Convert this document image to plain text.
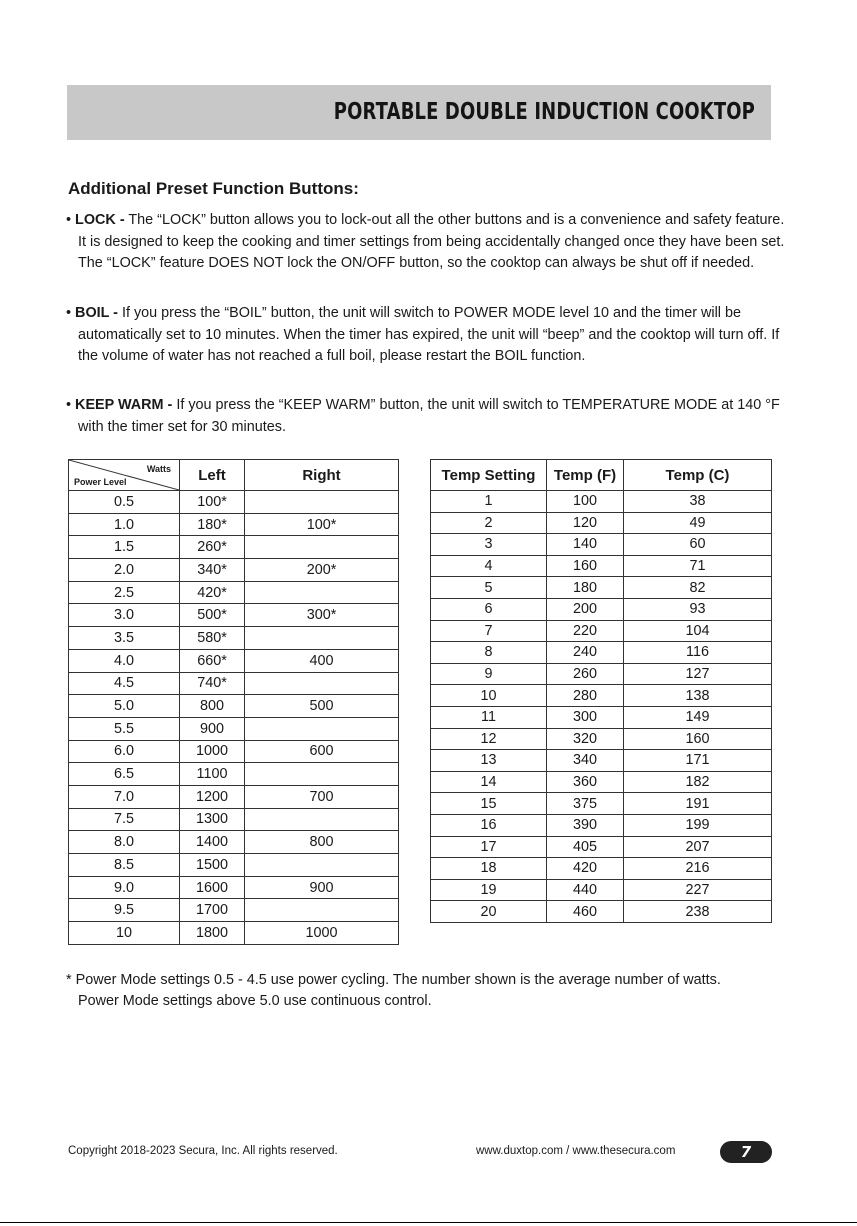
PORTABLE DOUBLE INDUCTION COOKTOP
Additional Preset Function Buttons:
• LOCK - The “LOCK” button allows you to lock-out all the other buttons and is a convenience and safety feature. It is designed to keep the cooking and timer settings from being accidentally changed once they have been set. The “LOCK” feature DOES NOT lock the ON/OFF button, so the cooktop can always be shut off if needed.
• BOIL - If you press the “BOIL” button, the unit will switch to POWER MODE level 10 and the timer will be automatically set to 10 minutes. When the timer has expired, the unit will “beep” and the cooktop will turn off. If the volume of water has not reached a full boil, please restart the BOIL function.
• KEEP WARM - If you press the “KEEP WARM” button, the unit will switch to TEMPERATURE MODE at 140 °F with the timer set for 30 minutes.
Watts
Power Level	Left	Right
0.5	100*	
1.0	180*	100*
1.5	260*	
2.0	340*	200*
2.5	420*	
3.0	500*	300*
3.5	580*	
4.0	660*	400
4.5	740*	
5.0	800	500
5.5	900	
6.0	1000	600
6.5	1100	
7.0	1200	700
7.5	1300	
8.0	1400	800
8.5	1500	
9.0	1600	900
9.5	1700	
10	1800	1000
Temp Setting	Temp (F)	Temp (C)
1	100	38
2	120	49
3	140	60
4	160	71
5	180	82
6	200	93
7	220	104
8	240	116
9	260	127
10	280	138
11	300	149
12	320	160
13	340	171
14	360	182
15	375	191
16	390	199
17	405	207
18	420	216
19	440	227
20	460	238
* Power Mode settings 0.5 - 4.5 use power cycling. The number shown is the average number of watts.
Power Mode settings above 5.0 use continuous control.
Copyright 2018-2023 Secura, Inc. All rights reserved.	www.duxtop.com / www.thesecura.com	7
